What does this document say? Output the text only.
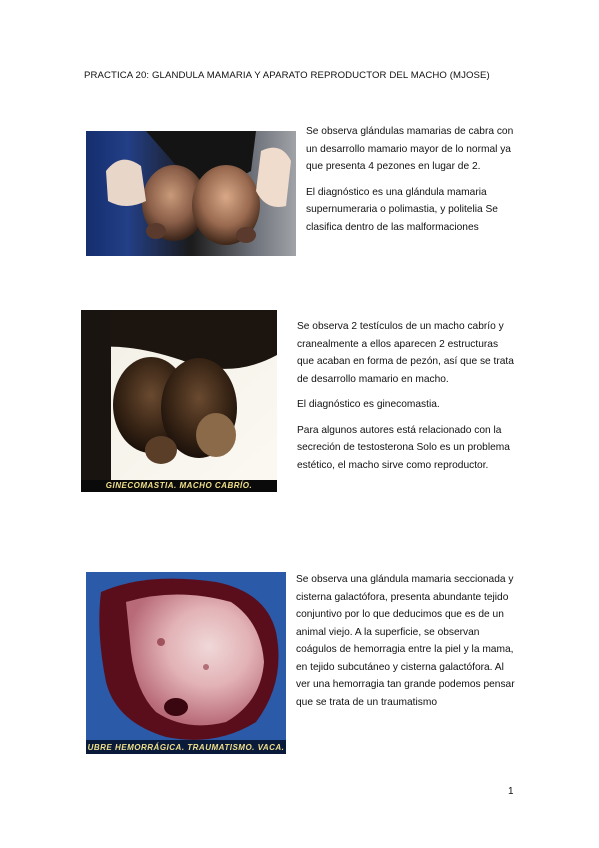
PRACTICA 20: GLANDULA MAMARIA Y APARATO REPRODUCTOR DEL MACHO (MJOSE)

Se observa glándulas mamarias de cabra con un desarrollo mamario mayor de lo normal ya que presenta 4 pezones en lugar de 2.

El diagnóstico es una glándula mamaria supernumeraria o polimastia, y politelia Se clasifica dentro de las malformaciones

GINECOMASTIA. MACHO CABRÍO.

Se observa 2 testículos de un macho cabrío y cranealmente a ellos aparecen 2 estructuras que acaban en forma de pezón, así que se trata de desarrollo mamario en macho.

El diagnóstico es ginecomastia.

Para algunos autores está relacionado con la secreción de testosterona Solo es un problema estético, el macho sirve como reproductor.

UBRE HEMORRÁGICA. TRAUMATISMO. VACA.

Se observa una glándula mamaria seccionada y cisterna galactófora, presenta abundante tejido conjuntivo por lo que deducimos que es de un animal viejo. A la superficie, se observan coágulos de hemorragia entre la piel y la mama, en tejido subcutáneo y cisterna galactófora. Al ver una hemorragia tan grande podemos pensar que se trata de un traumatismo

1
